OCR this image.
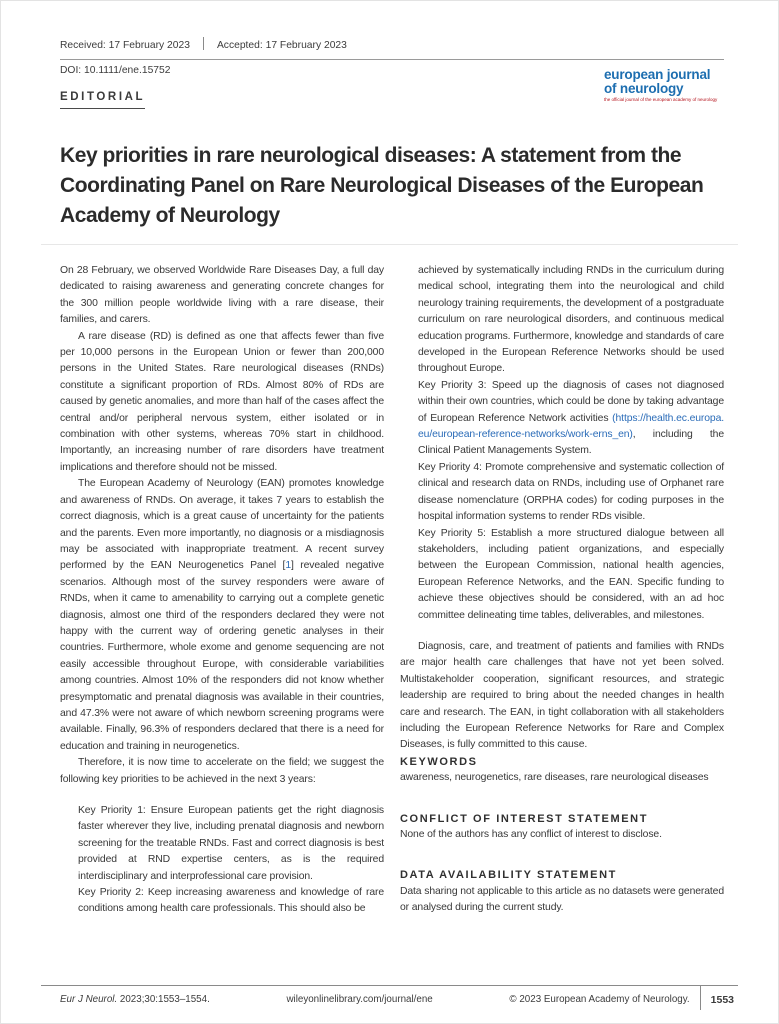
Received: 17 February 2023	Accepted: 17 February 2023
DOI: 10.1111/ene.15752	european journal
of neurology
the official journal of the european academy of neurology
EDITORIAL
Key priorities in rare neurological diseases: A statement from the Coordinating Panel on Rare Neurological Diseases of the European Academy of Neurology

On 28 February, we observed Worldwide Rare Diseases Day, a full day dedicated to raising awareness and generating concrete changes for the 300 million people worldwide living with a rare disease, their families, and carers.

A rare disease (RD) is defined as one that affects fewer than five per 10,000 persons in the European Union or fewer than 200,000 persons in the United States. Rare neurological diseases (RNDs) constitute a significant proportion of RDs. Almost 80% of RDs are caused by genetic anomalies, and more than half of the cases affect the central and/or peripheral nervous system, either isolated or in combination with other systems, whereas 70% start in childhood. Importantly, an increasing number of rare disorders have treatment implications and therefore should not be missed.

The European Academy of Neurology (EAN) promotes knowledge and awareness of RNDs. On average, it takes 7 years to establish the correct diagnosis, which is a great cause of uncertainty for the patients and the parents. Even more importantly, no diagnosis or a misdiagnosis may be associated with inappropriate treatment. A recent survey performed by the EAN Neurogenetics Panel [1] revealed negative scenarios. Although most of the survey responders were aware of RNDs, when it came to amenability to carrying out a complete genetic diagnosis, almost one third of the responders declared they were not happy with the current way of ordering genetic analyses in their countries. Furthermore, whole exome and genome sequencing are not easily accessible throughout Europe, with considerable variabilities among countries. Almost 10% of the responders did not know whether presymptomatic and prenatal diagnosis was available in their countries, and 47.3% were not aware of which newborn screening programs were available. Finally, 96.3% of responders declared that there is a need for education and training in neurogenetics.

Therefore, it is now time to accelerate on the field; we suggest the following key priorities to be achieved in the next 3 years:

Key Priority 1: Ensure European patients get the right diagnosis faster wherever they live, including prenatal diagnosis and newborn screening for the treatable RNDs. Fast and correct diagnosis is best provided at RND expertise centers, as is the required interdisciplinary and interprofessional care provision.

Key Priority 2: Keep increasing awareness and knowledge of rare conditions among health care professionals. This should also be

achieved by systematically including RNDs in the curriculum during medical school, integrating them into the neurological and child neurology training requirements, the development of a postgraduate curriculum on rare neurological disorders, and continuous medical education programs. Furthermore, knowledge and standards of care developed in the European Reference Networks should be used throughout Europe.

Key Priority 3: Speed up the diagnosis of cases not diagnosed within their own countries, which could be done by taking advantage of European Reference Network activities (https://health.ec.europa.eu/european-reference-networks/work-erns_en), including the Clinical Patient Managements System.

Key Priority 4: Promote comprehensive and systematic collection of clinical and research data on RNDs, including use of Orphanet rare disease nomenclature (ORPHA codes) for coding purposes in the hospital information systems to render RDs visible.

Key Priority 5: Establish a more structured dialogue between all stakeholders, including patient organizations, and especially between the European Commission, national health agencies, European Reference Networks, and the EAN. Specific funding to achieve these objectives should be considered, with an ad hoc committee delineating time tables, deliverables, and milestones.

Diagnosis, care, and treatment of patients and families with RNDs are major health care challenges that have not yet been solved. Multistakeholder cooperation, significant resources, and strategic leadership are required to bring about the needed changes in health care and research. The EAN, in tight collaboration with all stakeholders including the European Reference Networks for Rare and Complex Diseases, is fully committed to this cause.

KEYWORDS

awareness, neurogenetics, rare diseases, rare neurological diseases

CONFLICT OF INTEREST STATEMENT

None of the authors has any conflict of interest to disclose.

DATA AVAILABILITY STATEMENT

Data sharing not applicable to this article as no datasets were generated or analysed during the current study.

Eur J Neurol. 2023;30:1553–1554.	wileyonlinelibrary.com/journal/ene	© 2023 European Academy of Neurology. 1553
